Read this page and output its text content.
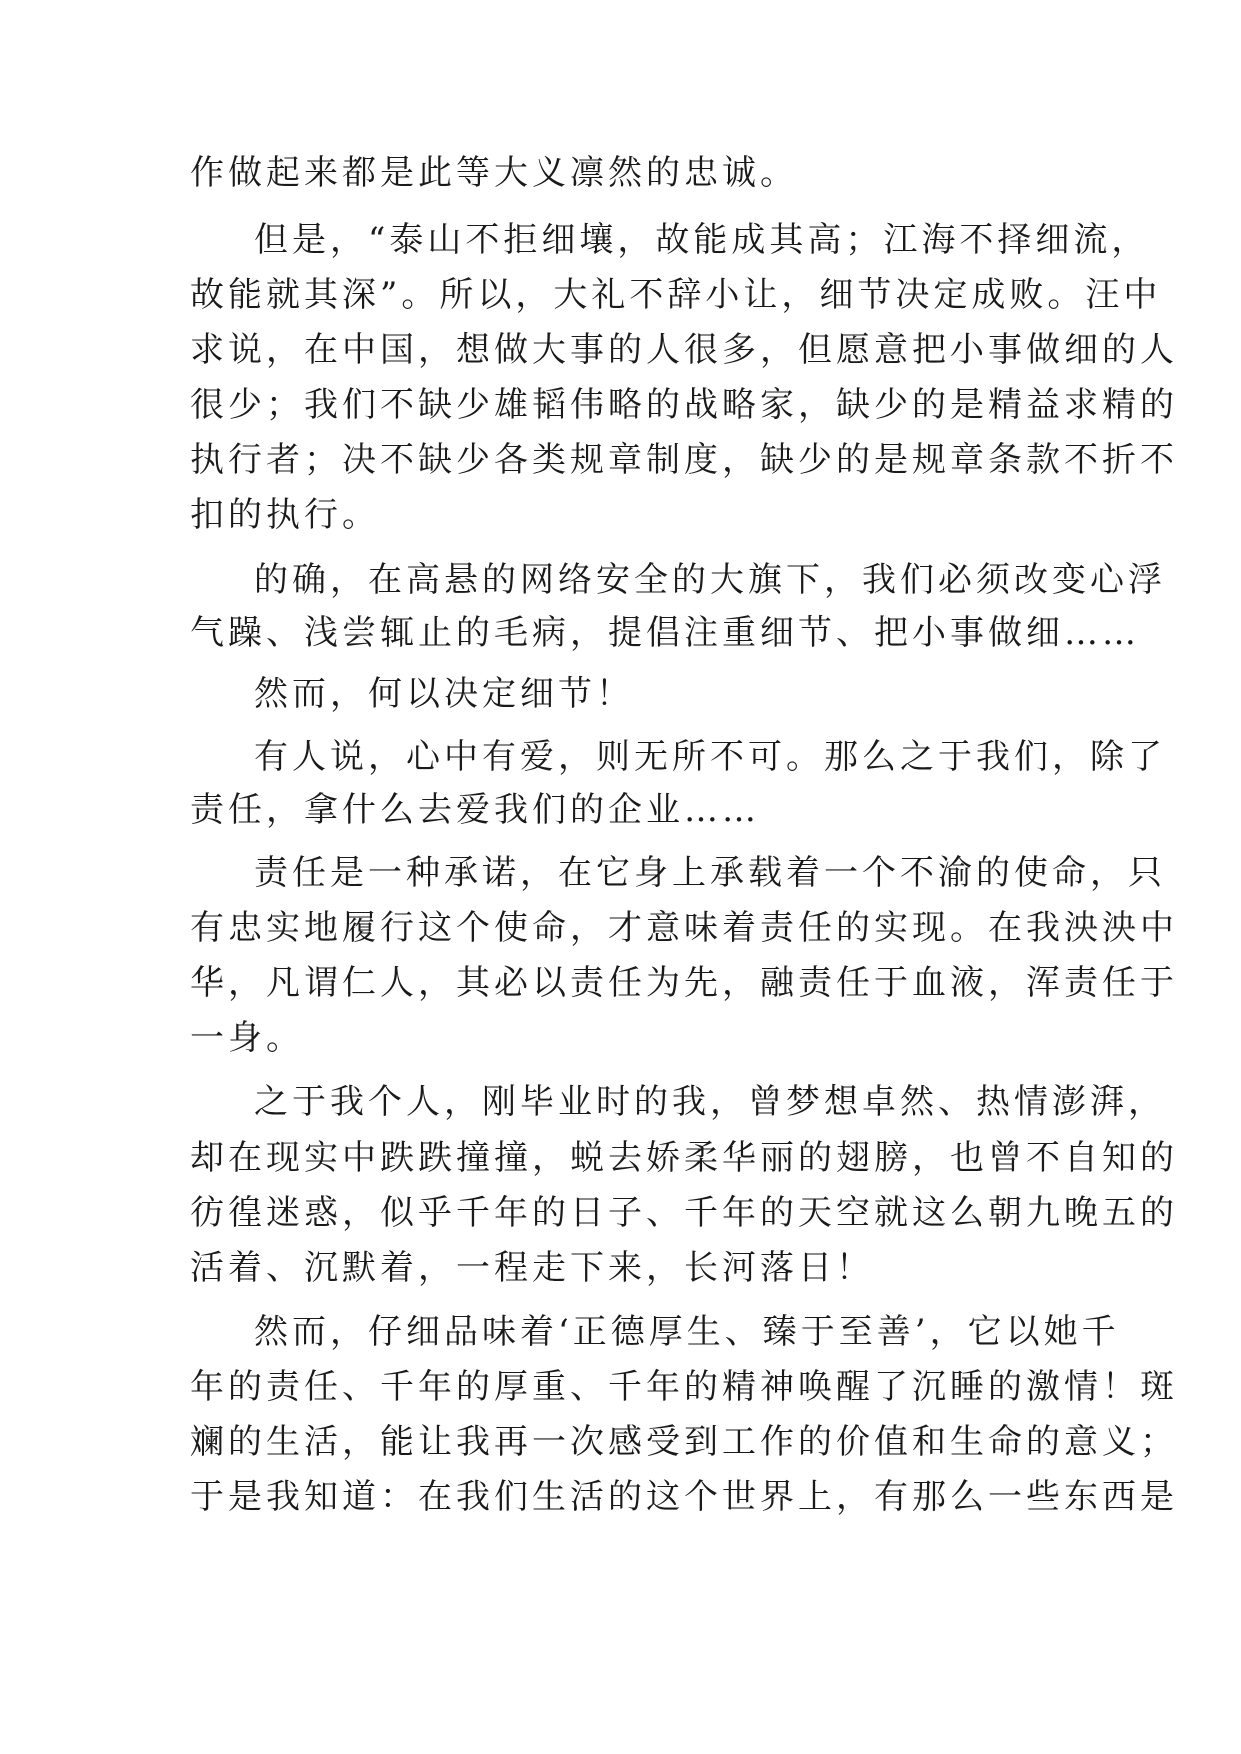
作做起来都是此等大义凛然的忠诚。
但是，“泰山不拒细壤，故能成其高；江海不择细流，
故能就其深”。所以，大礼不辞小让，细节决定成败。汪中
求说，在中国，想做大事的人很多，但愿意把小事做细的人
很少；我们不缺少雄韬伟略的战略家，缺少的是精益求精的
执行者；决不缺少各类规章制度，缺少的是规章条款不折不
扣的执行。
的确，在高悬的网络安全的大旗下，我们必须改变心浮
气躁、浅尝辄止的毛病，提倡注重细节、把小事做细……
然而，何以决定细节！
有人说，心中有爱，则无所不可。那么之于我们，除了
责任，拿什么去爱我们的企业……
责任是一种承诺，在它身上承载着一个不渝的使命，只
有忠实地履行这个使命，才意味着责任的实现。在我泱泱中
华，凡谓仁人，其必以责任为先，融责任于血液，浑责任于
一身。
之于我个人，刚毕业时的我，曾梦想卓然、热情澎湃，
却在现实中跌跌撞撞，蜕去娇柔华丽的翅膀，也曾不自知的
彷徨迷惑，似乎千年的日子、千年的天空就这么朝九晚五的
活着、沉默着，一程走下来，长河落日！
然而，仔细品味着‘正德厚生、臻于至善’，它以她千
年的责任、千年的厚重、千年的精神唤醒了沉睡的激情！斑
斓的生活，能让我再一次感受到工作的价值和生命的意义；
于是我知道：在我们生活的这个世界上，有那么一些东西是
